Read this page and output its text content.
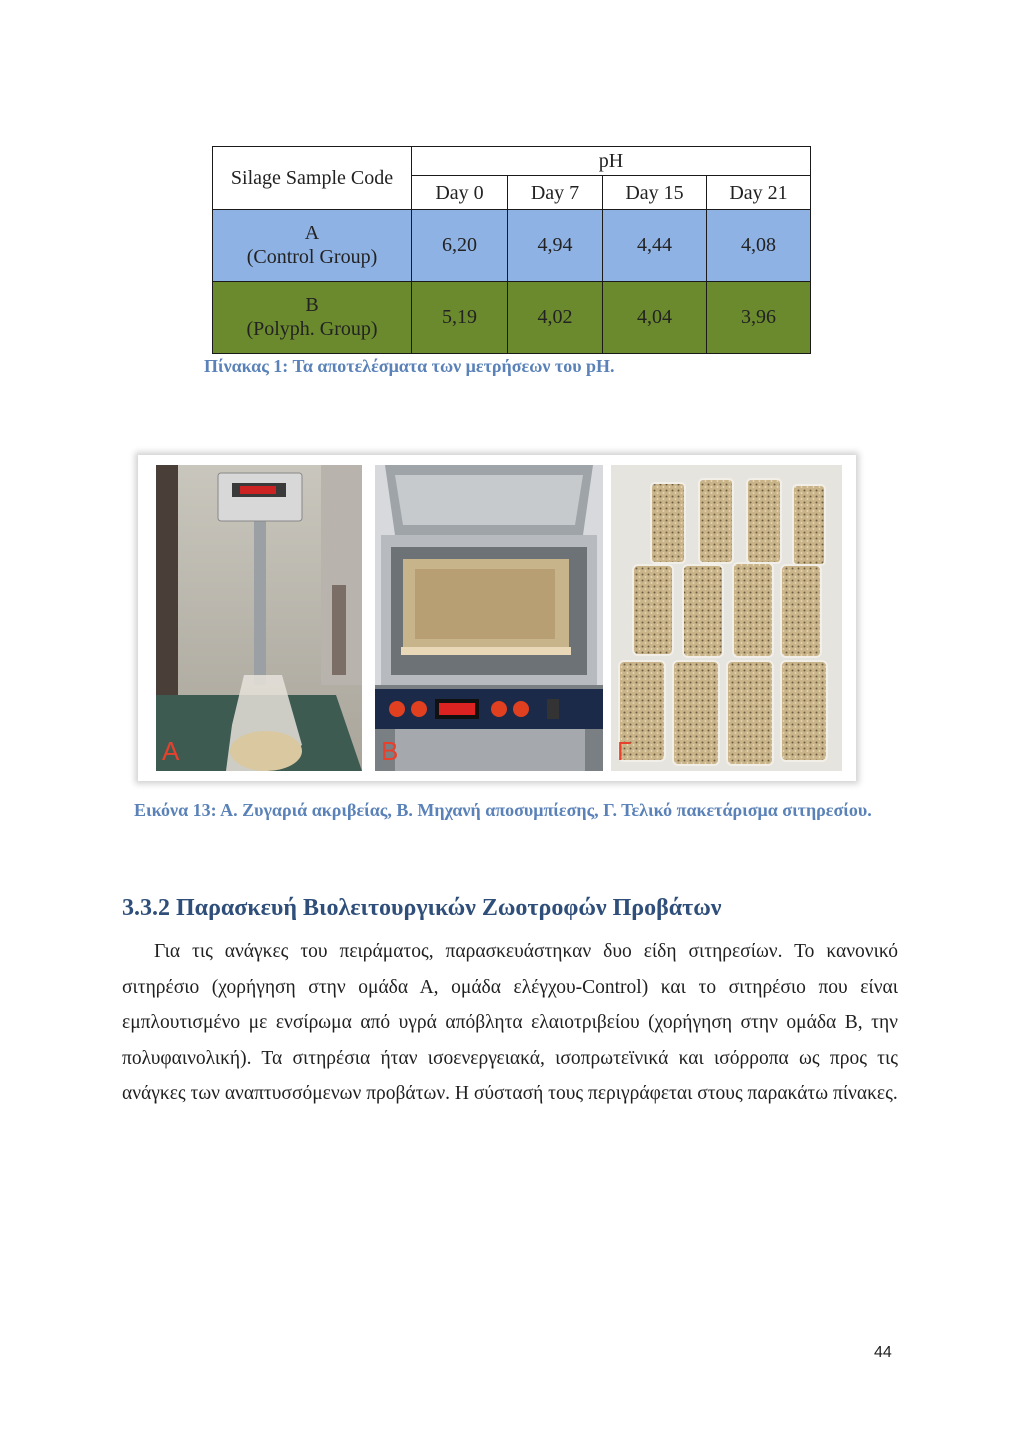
Silage Sample Code	pH			
	Day 0	Day 7	Day 15	Day 21

A
(Control Group)	6,20	4,94	4,44	4,08

B
(Polyph. Group)	5,19	4,02	4,04	3,96
Πίνακας 1: Τα αποτελέσματα των μετρήσεων του pH.
A	B	Γ
Εικόνα 13: Α. Ζυγαριά ακριβείας, Β. Μηχανή αποσυμπίεσης, Γ. Τελικό πακετάρισμα σιτηρεσίου.
3.3.2 Παρασκευή Βιολειτουργικών Ζωοτροφών Προβάτων

Για τις ανάγκες του πειράματος, παρασκευάστηκαν δυο είδη σιτηρεσίων. Το κανονικό σιτηρέσιο (χορήγηση στην ομάδα Α, ομάδα ελέγχου-Control) και το σιτηρέσιο που είναι εμπλουτισμένο με ενσίρωμα από υγρά απόβλητα ελαιοτριβείου (χορήγηση στην ομάδα Β, την πολυφαινολική). Τα σιτηρέσια ήταν ισοενεργειακά, ισοπρωτεϊνικά και ισόρροπα ως προς τις ανάγκες των αναπτυσσόμενων προβάτων. Η σύστασή τους περιγράφεται στους παρακάτω πίνακες.

44
